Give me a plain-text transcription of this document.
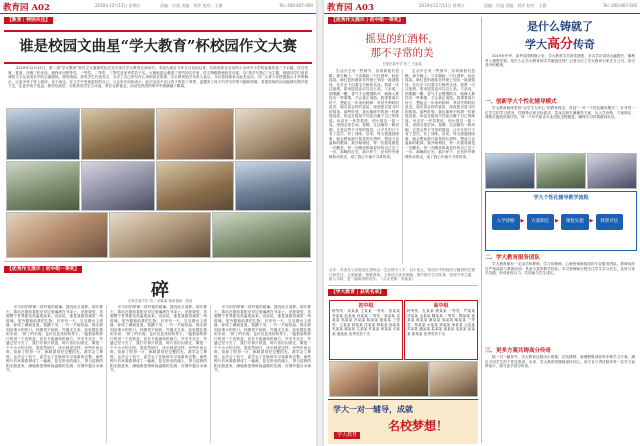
教育园 A02	2019年12月13日 星期五	责编：付迪 美编：刘彦 校对：王静	Tel: 400-667-000
【教育｜特别关注】
谁是校园文曲星“学大教育”杯校园作文大赛
2019年12月12日，第二届“学大教育”杯作文大赛颁奖仪式在石家庄学大教育总部举行。本届大赛自今年九月启动以来，共收到来自全市四十余所中小学的参赛作品三千余篇，经过初赛、复赛、决赛三轮评选，最终评出特等奖、一等奖、二等奖、三等奖及优秀奖若干名。大赛组委会邀请了省内知名作家、语文特级教师担任评委，以“我手写我心”为主题，鼓励同学们用真诚的文字记录成长中的点滴感悟。颁奖现场，获奖学生代表发言，分享了自己的写作心得和成长故事，学大教育相关负责人表示，今后将持续举办此类活动，为广大青少年搭建展示才华的舞台，让更多孩子爱上阅读、乐于表达，在文字中发现更好的自己。与会家长纷纷表示，此次活动不仅让孩子收获了荣誉，更激发了孩子们对写作的兴趣和热情，希望类似的活动能够长期开展下去，让更多孩子受益。颁奖结束后，全体获奖学生与评委、家长合影留念，活动在热烈的掌声中圆满落下帷幕。
【优秀作文展示 | 初中组一等奖】
碎
石家庄某中学 初二 刘某某 指导老师：张某
年少时的梦像一块玲珑的玻璃，透亮而又易碎。那年夏天，我站在窗前看阳光穿过玻璃洒在书桌上，光影斑驳，仿佛整个世界都变得温柔起来。母亲说，那是我最喜欢的一块玻璃，是外婆留给我的礼物。后来有一天，它从窗台上滑落，碎成了满地星星。我蹲下身，一片一片地捡起，指尖被划出细小的伤口，却感觉不到疼。外婆走过来，轻轻握住我的手说：“碎了的东西，也可以变成别的样子。”她把那些碎片收进一个旧铁盒，放在书架最高的地方。许多年过去，外婆已经不在了，我打开那只铁盒，碎片依旧闪着光，像是一个个小小的太阳。我忽然明白，成长就是这样，有些东西会碎，但碎了的每一片，都映着曾经完整的光。我学会了珍惜，也学会了放下，更学会了在破碎中寻找新的完整。那些碎片后来被我拼成了一幅画，挂在卧室的墙上，每当清晨的阳光照进来，满墙都是细碎而温暖的光斑，仿佛外婆从未离开。
年少时的梦像一块玲珑的玻璃，透亮而又易碎。那年夏天，我站在窗前看阳光穿过玻璃洒在书桌上，光影斑驳，仿佛整个世界都变得温柔起来。母亲说，那是我最喜欢的一块玻璃，是外婆留给我的礼物。后来有一天，它从窗台上滑落，碎成了满地星星。我蹲下身，一片一片地捡起，指尖被划出细小的伤口，却感觉不到疼。外婆走过来，轻轻握住我的手说：“碎了的东西，也可以变成别的样子。”她把那些碎片收进一个旧铁盒，放在书架最高的地方。许多年过去，外婆已经不在了，我打开那只铁盒，碎片依旧闪着光，像是一个个小小的太阳。我忽然明白，成长就是这样，有些东西会碎，但碎了的每一片，都映着曾经完整的光。我学会了珍惜，也学会了放下，更学会了在破碎中寻找新的完整。那些碎片后来被我拼成了一幅画，挂在卧室的墙上，每当清晨的阳光照进来，满墙都是细碎而温暖的光斑，仿佛外婆从未离开。
年少时的梦像一块玲珑的玻璃，透亮而又易碎。那年夏天，我站在窗前看阳光穿过玻璃洒在书桌上，光影斑驳，仿佛整个世界都变得温柔起来。母亲说，那是我最喜欢的一块玻璃，是外婆留给我的礼物。后来有一天，它从窗台上滑落，碎成了满地星星。我蹲下身，一片一片地捡起，指尖被划出细小的伤口，却感觉不到疼。外婆走过来，轻轻握住我的手说：“碎了的东西，也可以变成别的样子。”她把那些碎片收进一个旧铁盒，放在书架最高的地方。许多年过去，外婆已经不在了，我打开那只铁盒，碎片依旧闪着光，像是一个个小小的太阳。我忽然明白，成长就是这样，有些东西会碎，但碎了的每一片，都映着曾经完整的光。我学会了珍惜，也学会了放下，更学会了在破碎中寻找新的完整。那些碎片后来被我拼成了一幅画，挂在卧室的墙上，每当清晨的阳光照进来，满墙都是细碎而温暖的光斑，仿佛外婆从未离开。
教育园 A03	2019年12月13日 星期五	责编：付迪 美编：刘彦 校对：王静	Tel: 400-667-000
【优秀作文展示 | 初中组一等奖】
摇晃的红酒杯，
那不寻常的美
石家庄某中学 初三 王某某
生活中总有一些细节，容易被我们忽略。那天晚上，父亲端起一只红酒杯，轻轻摇晃，暗红色的液体在杯壁上划出一道道弧线，在灯光下闪着宝石般的光泽。我第一次注意到，原来摇晃也可以这么美。父亲说，酒要醒一醒，香气才会慢慢散开，就像人要经历一些事情，才会真正成熟。我望着那只杯子，想起这一年来的种种：考试失利时的沮丧，朋友误会时的委屈，深夜独自复习时的孤单。那些时刻，我也像杯中的酒一样被摇晃着，却也在摇晃中沉淀出属于自己的味道。母亲在一旁笑着说，别小看这一摇一晃，里面全是学问。是啊，生活哪有一帆风顺，正是这些不寻常的摇晃，让平凡的日子有了层次，有了回味。后来，每当我遇到困难，就会想起那只摇晃的红酒杯，想起父亲温和的眼神。我开始相信，每一次摇晃都是一次醒来，每一次醒来都离更好的自己近了一步。那晚的灯光，那只杯子，还有杯中缓缓转动的光，成了我心中最不寻常的美。
生活中总有一些细节，容易被我们忽略。那天晚上，父亲端起一只红酒杯，轻轻摇晃，暗红色的液体在杯壁上划出一道道弧线，在灯光下闪着宝石般的光泽。我第一次注意到，原来摇晃也可以这么美。父亲说，酒要醒一醒，香气才会慢慢散开，就像人要经历一些事情，才会真正成熟。我望着那只杯子，想起这一年来的种种：考试失利时的沮丧，朋友误会时的委屈，深夜独自复习时的孤单。那些时刻，我也像杯中的酒一样被摇晃着，却也在摇晃中沉淀出属于自己的味道。母亲在一旁笑着说，别小看这一摇一晃，里面全是学问。是啊，生活哪有一帆风顺，正是这些不寻常的摇晃，让平凡的日子有了层次，有了回味。后来，每当我遇到困难，就会想起那只摇晃的红酒杯，想起父亲温和的眼神。我开始相信，每一次摇晃都是一次醒来，每一次醒来都离更好的自己近了一步。那晚的灯光，那只杯子，还有杯中缓缓转动的光，成了我心中最不寻常的美。
点评：作者从父亲摇晃红酒杯这一生活细节入手，以小见大，将成长中的挫折与醒酒的过程巧妙类比，立意新颖，情感真挚。文章语言优美流畅，细节描写生动传神，结尾升华主题，耐人寻味，是一篇难得的佳作。（点评老师：李某某）
【学大教育 | 获奖名单】
初中组
特等奖：刘某某 王某某 一等奖：张某某 李某某 赵某某 孙某某 二等奖：周某某 吴某某 郑某某 冯某某 陈某某 褚某某 三等奖：卫某某 蒋某某 沈某某 韩某某 杨某某 朱某某 秦某某 尤某某 许某某 何某某 吕某某 施某某 优秀奖若干名
高中组
特等奖：孔某某 曹某某 一等奖：严某某 华某某 金某某 魏某某 二等奖：陶某某 姜某某 戚某某 谢某某 邹某某 喻某某 三等奖：柏某某 水某某 窦某某 章某某 云某某 苏某某 潘某某 葛某某 奚某某 范某某 彭某某 郎某某 优秀奖若干名
学大一对一辅导，成就
名校梦想！
学大教育
是什么铸就了
学大高分传奇
2019年中考、高考成绩相继公布，学大教育学员再传捷报，多名学员成绩大幅提升，顺利考入理想学校。是什么让学大教育的学员屡创佳绩？记者走访了学大教育石家庄分公司，探寻其中的秘密。
一、创新学大个性化辅导模式
学大教育始终坚持“以学生为中心”的教育理念，首创“一对一个性化辅导模式”，针对每一位学生的学习情况、性格特点和目标需求，量身定制专属辅导方案。从入学诊断、方案制定、课程实施到效果评估，每一个环节都由专业团队全程跟进，确保学习效果落到实处。
学大个性化辅导教学流程
入学诊断	▶	方案制定	▶	课程实施	▶	效果评估
二、学大教育服务团队
学大教育拥有一支由学科教师、学习管理师、心理咨询师组成的专业服务团队。教师均经过严格选拔与系统培训，具备丰富的教学经验。学习管理师全程关注学生学习状态，及时与家长沟通，形成家校合力，共同助力学生成长。
三、更多方案共铸高分传奇
除一对一辅导外，学大教育还推出小班课、在线课程、寒暑假集训营等多种学习方案，满足不同学生的个性化需求。未来，学大教育将继续秉持初心，用专业与责任陪伴每一位学子追梦前行，续写更多高分传奇。
